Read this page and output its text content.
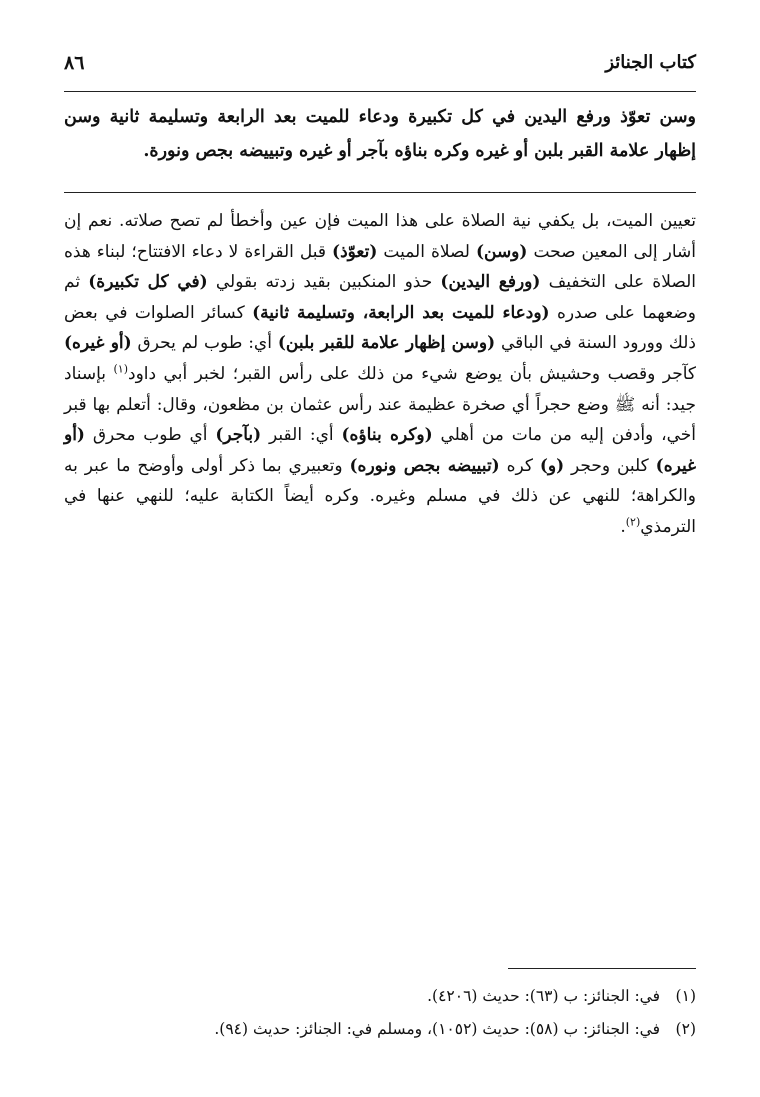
٨٦	كتاب الجنائز
وسن تعوّذ ورفع اليدين في كل تكبيرة ودعاء للميت بعد الرابعة وتسليمة ثانية وسن إظهار علامة القبر بلبن أو غيره وكره بناؤه بآجر أو غيره وتبييضه بجص ونورة.
تعيين الميت، بل يكفي نية الصلاة على هذا الميت فإن عين وأخطأ لم تصح صلاته. نعم إن أشار إلى المعين صحت (وسن) لصلاة الميت (تعوّذ) قبل القراءة لا دعاء الافتتاح؛ لبناء هذه الصلاة على التخفيف (ورفع اليدين) حذو المنكبين بقيد زدته بقولي (في كل تكبيرة) ثم وضعهما على صدره (ودعاء للميت بعد الرابعة، وتسليمة ثانية) كسائر الصلوات في بعض ذلك وورود السنة في الباقي (وسن إظهار علامة للقبر بلبن) أي: طوب لم يحرق (أو غيره) كآجر وقصب وحشيش بأن يوضع شيء من ذلك على رأس القبر؛ لخبر أبي داود$^{(١)}$ بإسناد جيد: أنه ﷺ وضع حجراً أي صخرة عظيمة عند رأس عثمان بن مظعون، وقال: أتعلم بها قبر أخي، وأدفن إليه من مات من أهلي (وكره بناؤه) أي: القبر (بآجر) أي طوب محرق (أو غيره) كلبن وحجر (و) كره (تبييضه بجص ونوره) وتعبيري بما ذكر أولى وأوضح ما عبر به والكراهة؛ للنهي عن ذلك في مسلم وغيره. وكره أيضاً الكتابة عليه؛ للنهي عنها في الترمذي$^{(٢)}$.
(١)في: الجنائز: ب (٦٣): حديث (٤٢٠٦).
(٢)في: الجنائز: ب (٥٨): حديث (١٠٥٢)، ومسلم في: الجنائز: حديث (٩٤).
